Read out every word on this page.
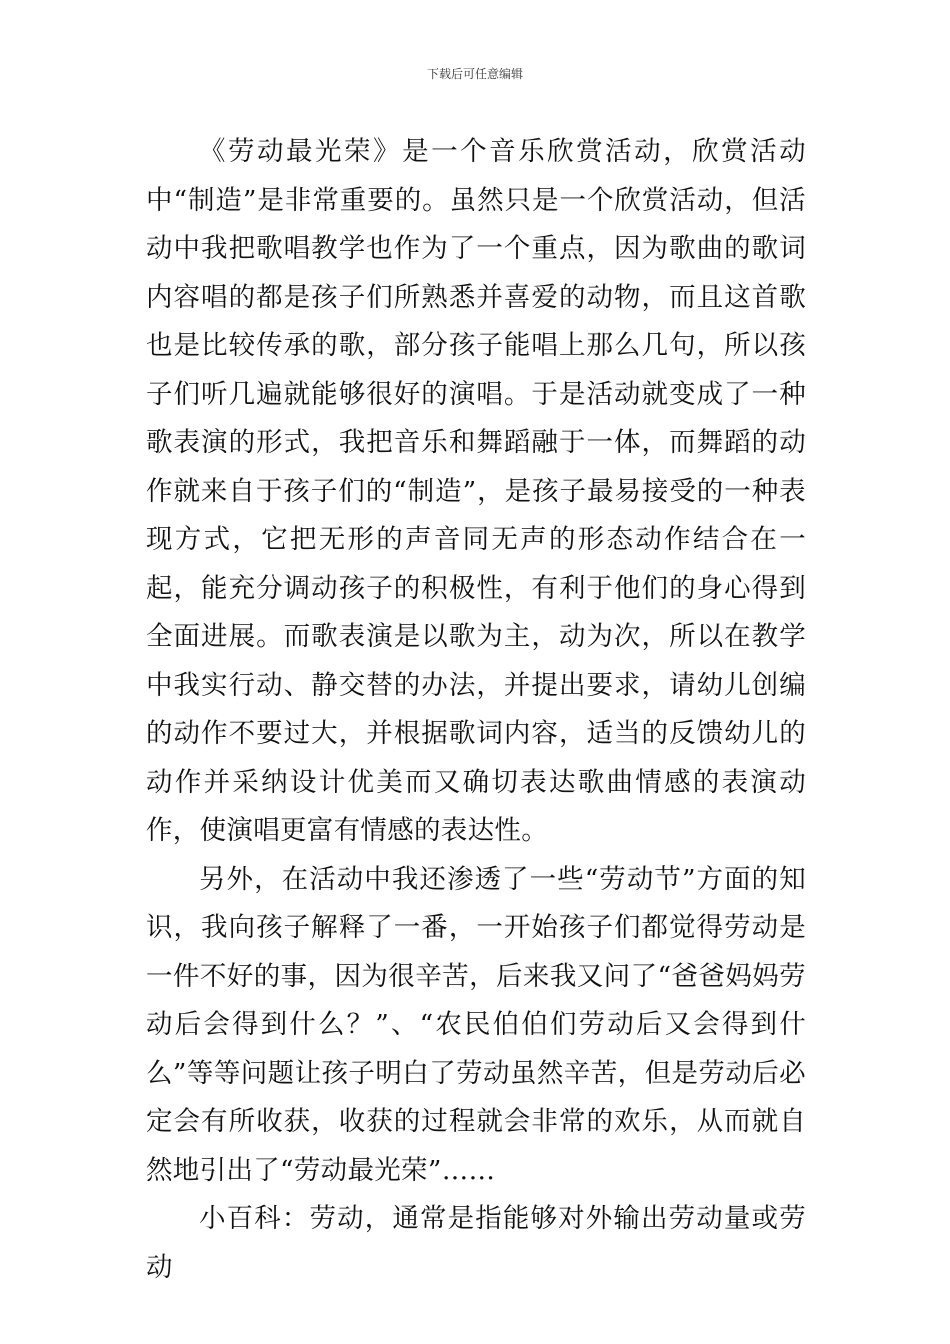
下载后可任意编辑

《劳动最光荣》是一个音乐欣赏活动，欣赏活动中“制造”是非常重要的。虽然只是一个欣赏活动，但活动中我把歌唱教学也作为了一个重点，因为歌曲的歌词内容唱的都是孩子们所熟悉并喜爱的动物，而且这首歌也是比较传承的歌，部分孩子能唱上那么几句，所以孩子们听几遍就能够很好的演唱。于是活动就变成了一种歌表演的形式，我把音乐和舞蹈融于一体，而舞蹈的动作就来自于孩子们的“制造”，是孩子最易接受的一种表现方式，它把无形的声音同无声的形态动作结合在一起，能充分调动孩子的积极性，有利于他们的身心得到全面进展。而歌表演是以歌为主，动为次，所以在教学中我实行动、静交替的办法，并提出要求，请幼儿创编的动作不要过大，并根据歌词内容，适当的反馈幼儿的动作并采纳设计优美而又确切表达歌曲情感的表演动作，使演唱更富有情感的表达性。

另外，在活动中我还渗透了一些“劳动节”方面的知识，我向孩子解释了一番，一开始孩子们都觉得劳动是一件不好的事，因为很辛苦，后来我又问了“爸爸妈妈劳动后会得到什么？”、“农民伯伯们劳动后又会得到什么”等等问题让孩子明白了劳动虽然辛苦，但是劳动后必定会有所收获，收获的过程就会非常的欢乐，从而就自然地引出了“劳动最光荣”……

小百科：劳动，通常是指能够对外输出劳动量或劳动
